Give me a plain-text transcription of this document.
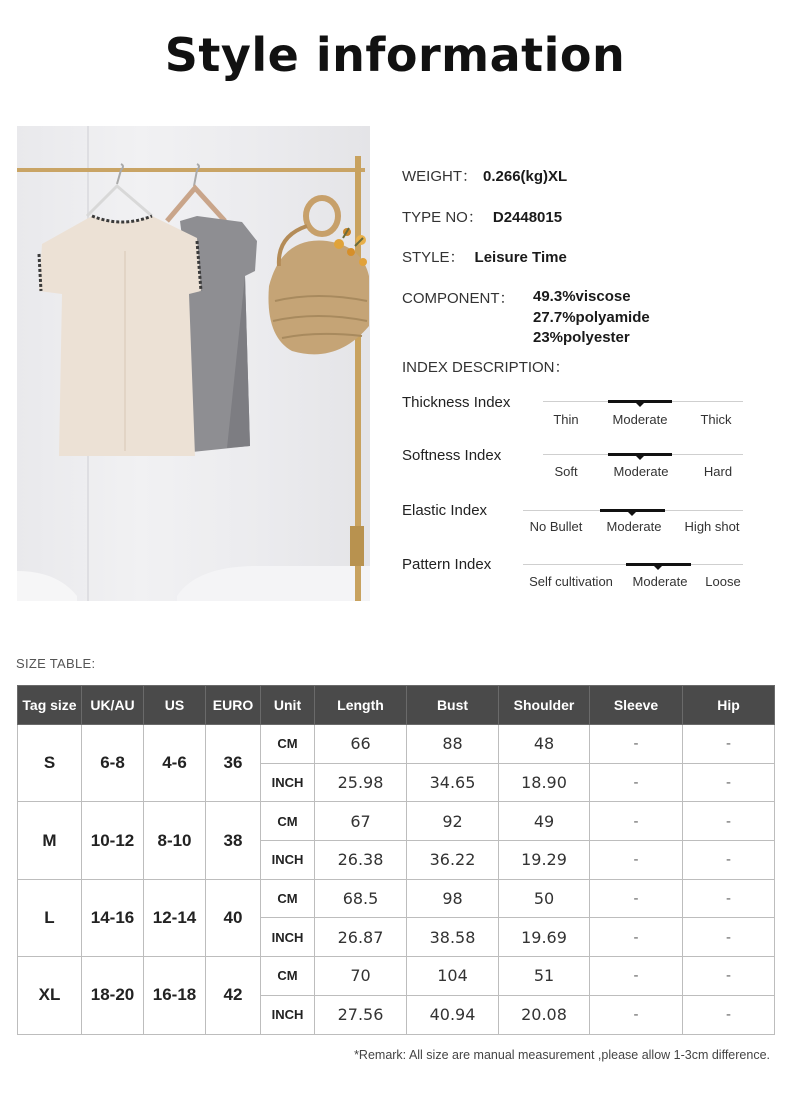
Style information
WEIGHT： 0.266(kg)XL
TYPE NO： D2448015
STYLE： Leisure Time
COMPONENT： 49.3%viscose
27.7%polyamide
23%polyester
INDEX DESCRIPTION：
Thickness Index
Thin	Moderate	Thick
Softness Index
Soft	Moderate	Hard
Elastic Index
No Bullet Moderate High shot
Pattern Index
Self cultivation Moderate Loose
SIZE TABLE:
Tag size	UK/AU	US	EURO	Unit	Length	Bust	Shoulder	Sleeve	Hip
S	6-8	4-6	36	CM	66	88	48	-	-
				INCH	25.98	34.65	18.90	-	-
M	10-12	8-10	38	CM	67	92	49	-	-
				INCH	26.38	36.22	19.29	-	-
L	14-16	12-14	40	CM	68.5	98	50	-	-
				INCH	26.87	38.58	19.69	-	-
XL	18-20	16-18	42	CM	70	104	51	-	-
				INCH	27.56	40.94	20.08	-	-
*Remark: All size are manual measurement ,please allow 1-3cm difference.
